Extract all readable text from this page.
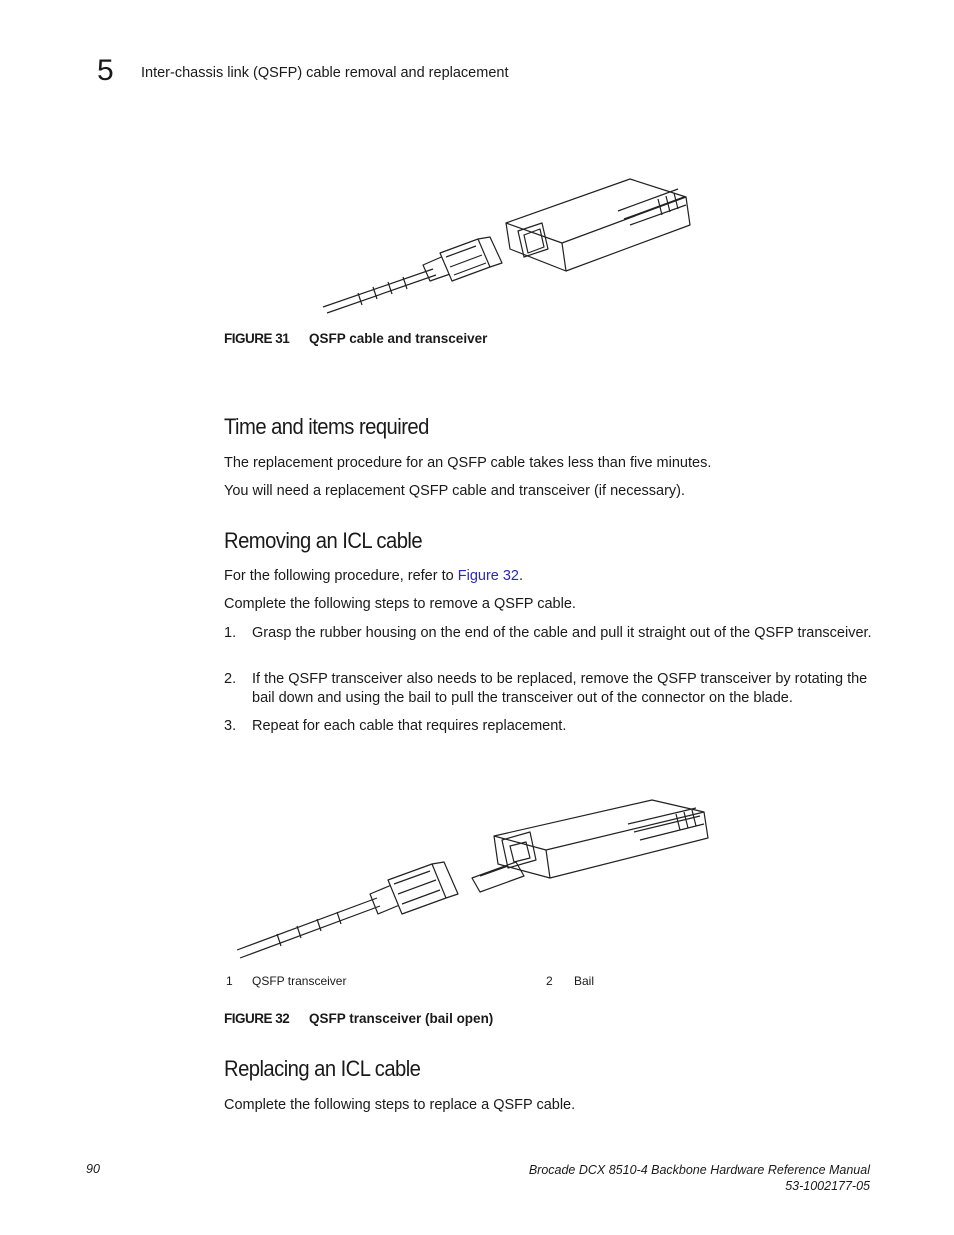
5 Inter-chassis link (QSFP) cable removal and replacement
FIGURE 31 QSFP cable and transceiver
Time and items required
The replacement procedure for an QSFP cable takes less than five minutes.
You will need a replacement QSFP cable and transceiver (if necessary).
Removing an ICL cable
For the following procedure, refer to Figure 32.
Complete the following steps to remove a QSFP cable.
1. Grasp the rubber housing on the end of the cable and pull it straight out of the QSFP transceiver.
2. If the QSFP transceiver also needs to be replaced, remove the QSFP transceiver by rotating the bail down and using the bail to pull the transceiver out of the connector on the blade.
3. Repeat for each cable that requires replacement.
1 QSFP transceiver	2 Bail
FIGURE 32 QSFP transceiver (bail open)
Replacing an ICL cable
Complete the following steps to replace a QSFP cable.
90	Brocade DCX 8510-4 Backbone Hardware Reference Manual
53-1002177-05
